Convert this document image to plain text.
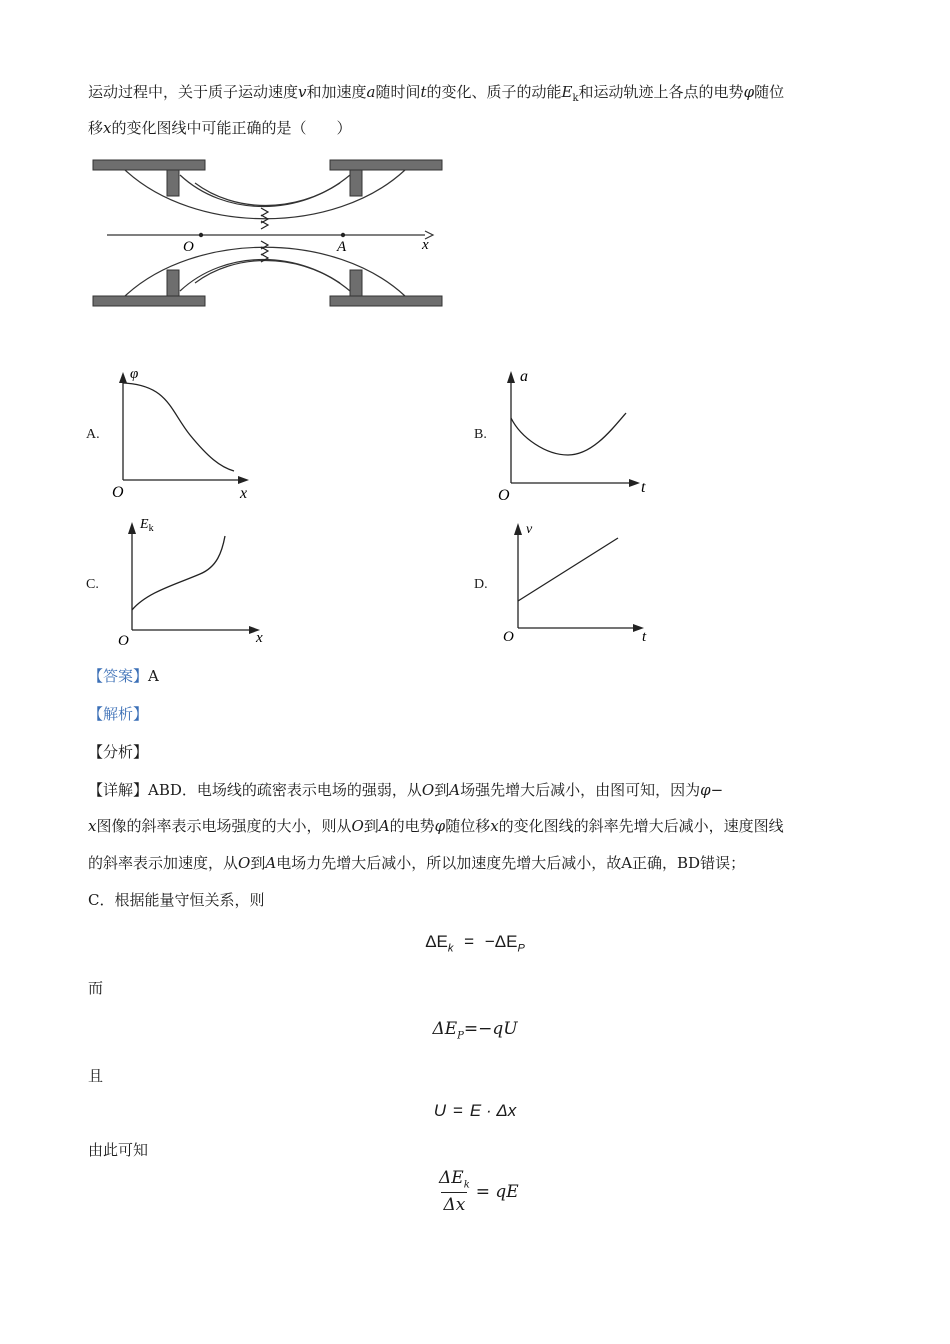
运动过程中，关于质子运动速度v和加速度a随时间t的变化、质子的动能$E_k$和运动轨迹上各点的电势φ随位
移x的变化图线中可能正确的是（　　）
O	A	x
A.
φ
O	x
B.
a
O	t
C.
$E_k$
O	x
D.
v
O	t
【答案】A
【解析】
【分析】
【详解】ABD．电场线的疏密表示电场的强弱，从O到A场强先增大后减小，由图可知，因为φ−
x图像的斜率表示电场强度的大小，则从O到A的电势φ随位移x的变化图线的斜率先增大后减小，速度图线
的斜率表示加速度，从O到A电场力先增大后减小，所以加速度先增大后减小，故A正确，BD错误；
C．根据能量守恒关系，则
$\Delta E_k = -\Delta E_P$
而
$\Delta E_P=-qU$
且
U = E · Δx
由此可知
$\Delta E_k$
Δx
= qE
